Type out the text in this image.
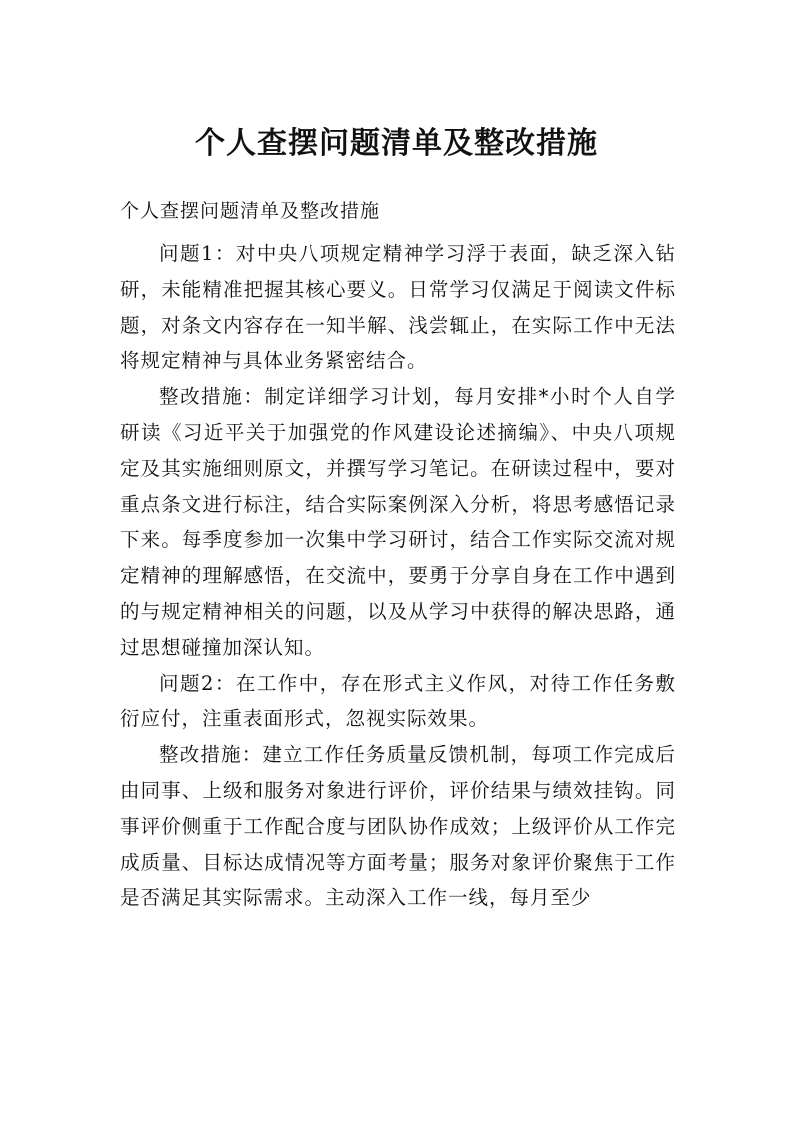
个人查摆问题清单及整改措施
个人查摆问题清单及整改措施

问题1：对中央八项规定精神学习浮于表面，缺乏深入钻研，未能精准把握其核心要义。日常学习仅满足于阅读文件标题，对条文内容存在一知半解、浅尝辄止，在实际工作中无法将规定精神与具体业务紧密结合。

整改措施：制定详细学习计划，每月安排*小时个人自学研读《习近平关于加强党的作风建设论述摘编》、中央八项规定及其实施细则原文，并撰写学习笔记。在研读过程中，要对重点条文进行标注，结合实际案例深入分析，将思考感悟记录下来。每季度参加一次集中学习研讨，结合工作实际交流对规定精神的理解感悟，在交流中，要勇于分享自身在工作中遇到的与规定精神相关的问题，以及从学习中获得的解决思路，通过思想碰撞加深认知。

问题2：在工作中，存在形式主义作风，对待工作任务敷衍应付，注重表面形式，忽视实际效果。

整改措施：建立工作任务质量反馈机制，每项工作完成后由同事、上级和服务对象进行评价，评价结果与绩效挂钩。同事评价侧重于工作配合度与团队协作成效；上级评价从工作完成质量、目标达成情况等方面考量；服务对象评价聚焦于工作是否满足其实际需求。主动深入工作一线，每月至少
